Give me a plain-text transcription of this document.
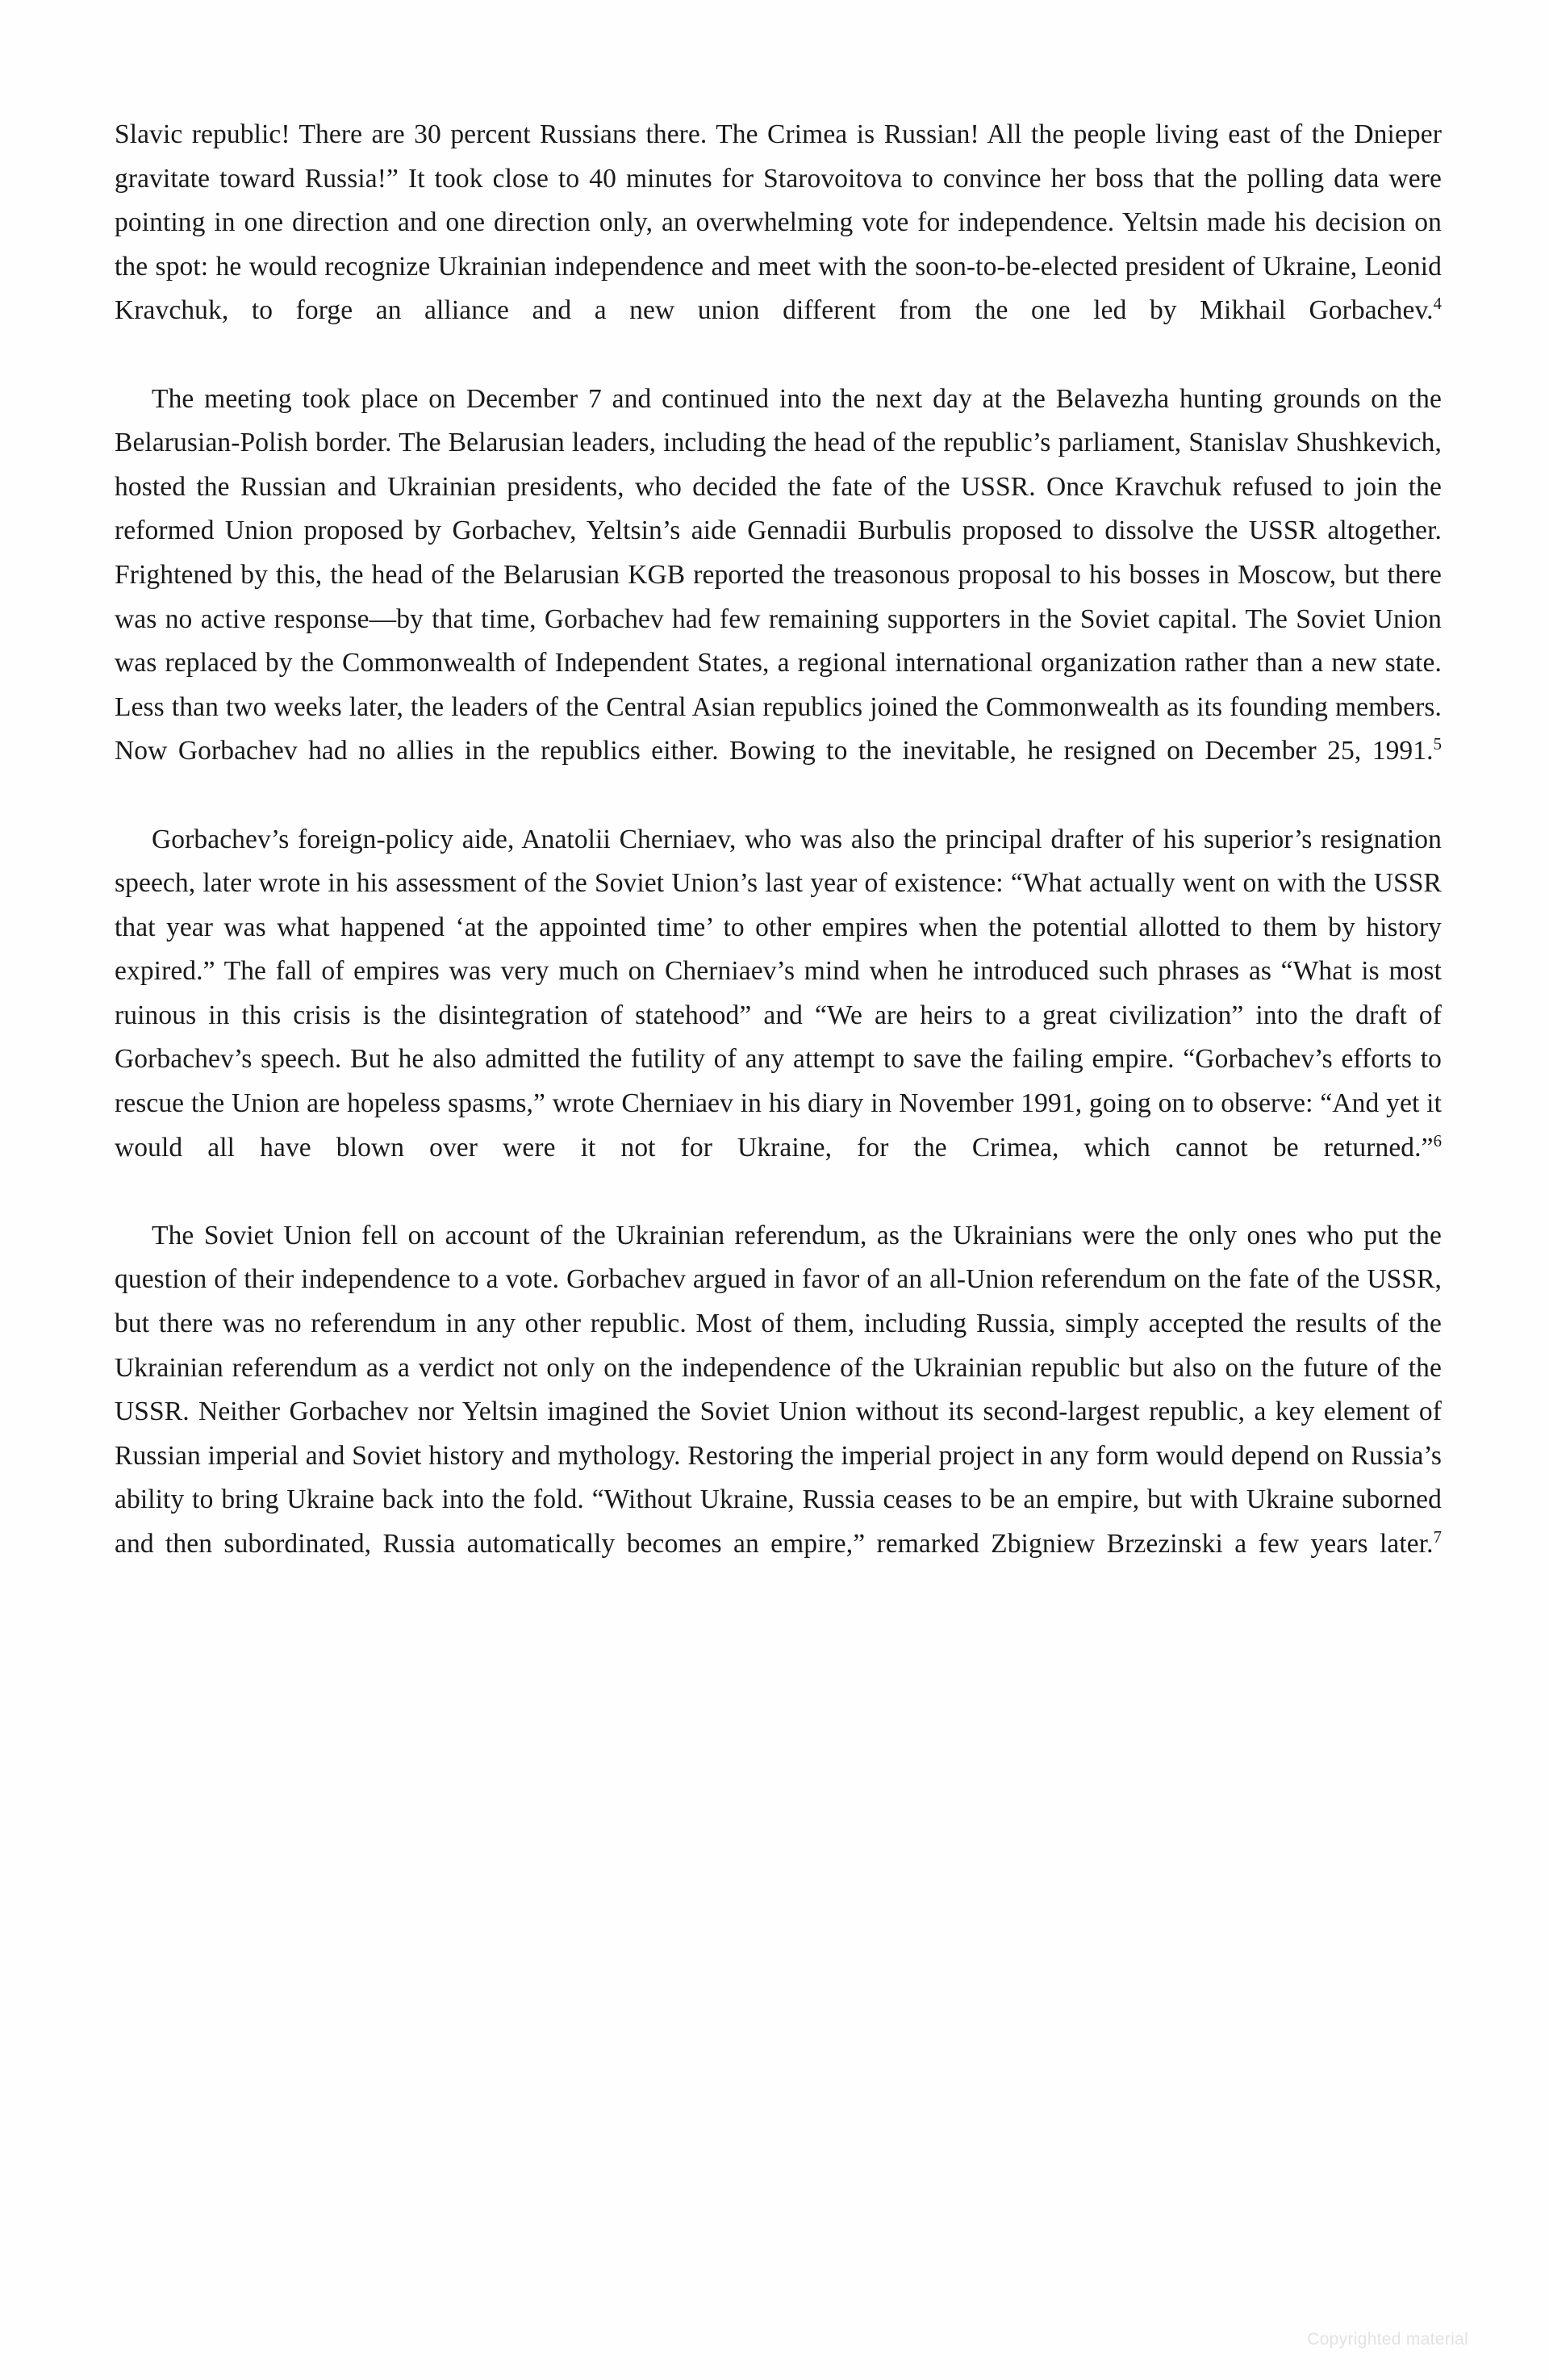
Slavic republic! There are 30 percent Russians there. The Crimea is Russian! All the people living east of the Dnieper gravitate toward Russia!” It took close to 40 minutes for Starovoitova to convince her boss that the polling data were pointing in one direction and one direction only, an overwhelming vote for independence. Yeltsin made his decision on the spot: he would recognize Ukrainian independence and meet with the soon-to-be-elected president of Ukraine, Leonid Kravchuk, to forge an alliance and a new union different from the one led by Mikhail Gorbachev.$^4$

The meeting took place on December 7 and continued into the next day at the Belavezha hunting grounds on the Belarusian-Polish border. The Belarusian leaders, including the head of the republic’s parliament, Stanislav Shushkevich, hosted the Russian and Ukrainian presidents, who decided the fate of the USSR. Once Kravchuk refused to join the reformed Union proposed by Gorbachev, Yeltsin’s aide Gennadii Burbulis proposed to dissolve the USSR altogether. Frightened by this, the head of the Belarusian KGB reported the treasonous proposal to his bosses in Moscow, but there was no active response—by that time, Gorbachev had few remaining supporters in the Soviet capital. The Soviet Union was replaced by the Commonwealth of Independent States, a regional international organization rather than a new state. Less than two weeks later, the leaders of the Central Asian republics joined the Commonwealth as its founding members. Now Gorbachev had no allies in the republics either. Bowing to the inevitable, he resigned on December 25, 1991.$^5$

Gorbachev’s foreign-policy aide, Anatolii Cherniaev, who was also the principal drafter of his superior’s resignation speech, later wrote in his assessment of the Soviet Union’s last year of existence: “What actually went on with the USSR that year was what happened ‘at the appointed time’ to other empires when the potential allotted to them by history expired.” The fall of empires was very much on Cherniaev’s mind when he introduced such phrases as “What is most ruinous in this crisis is the disintegration of statehood” and “We are heirs to a great civilization” into the draft of Gorbachev’s speech. But he also admitted the futility of any attempt to save the failing empire. “Gorbachev’s efforts to rescue the Union are hopeless spasms,” wrote Cherniaev in his diary in November 1991, going on to observe: “And yet it would all have blown over were it not for Ukraine, for the Crimea, which cannot be returned.”$^6$

The Soviet Union fell on account of the Ukrainian referendum, as the Ukrainians were the only ones who put the question of their independence to a vote. Gorbachev argued in favor of an all-Union referendum on the fate of the USSR, but there was no referendum in any other republic. Most of them, including Russia, simply accepted the results of the Ukrainian referendum as a verdict not only on the independence of the Ukrainian republic but also on the future of the USSR. Neither Gorbachev nor Yeltsin imagined the Soviet Union without its second-largest republic, a key element of Russian imperial and Soviet history and mythology. Restoring the imperial project in any form would depend on Russia’s ability to bring Ukraine back into the fold. “Without Ukraine, Russia ceases to be an empire, but with Ukraine suborned and then subordinated, Russia automatically becomes an empire,” remarked Zbigniew Brzezinski a few years later.$^7$

Copyrighted material
